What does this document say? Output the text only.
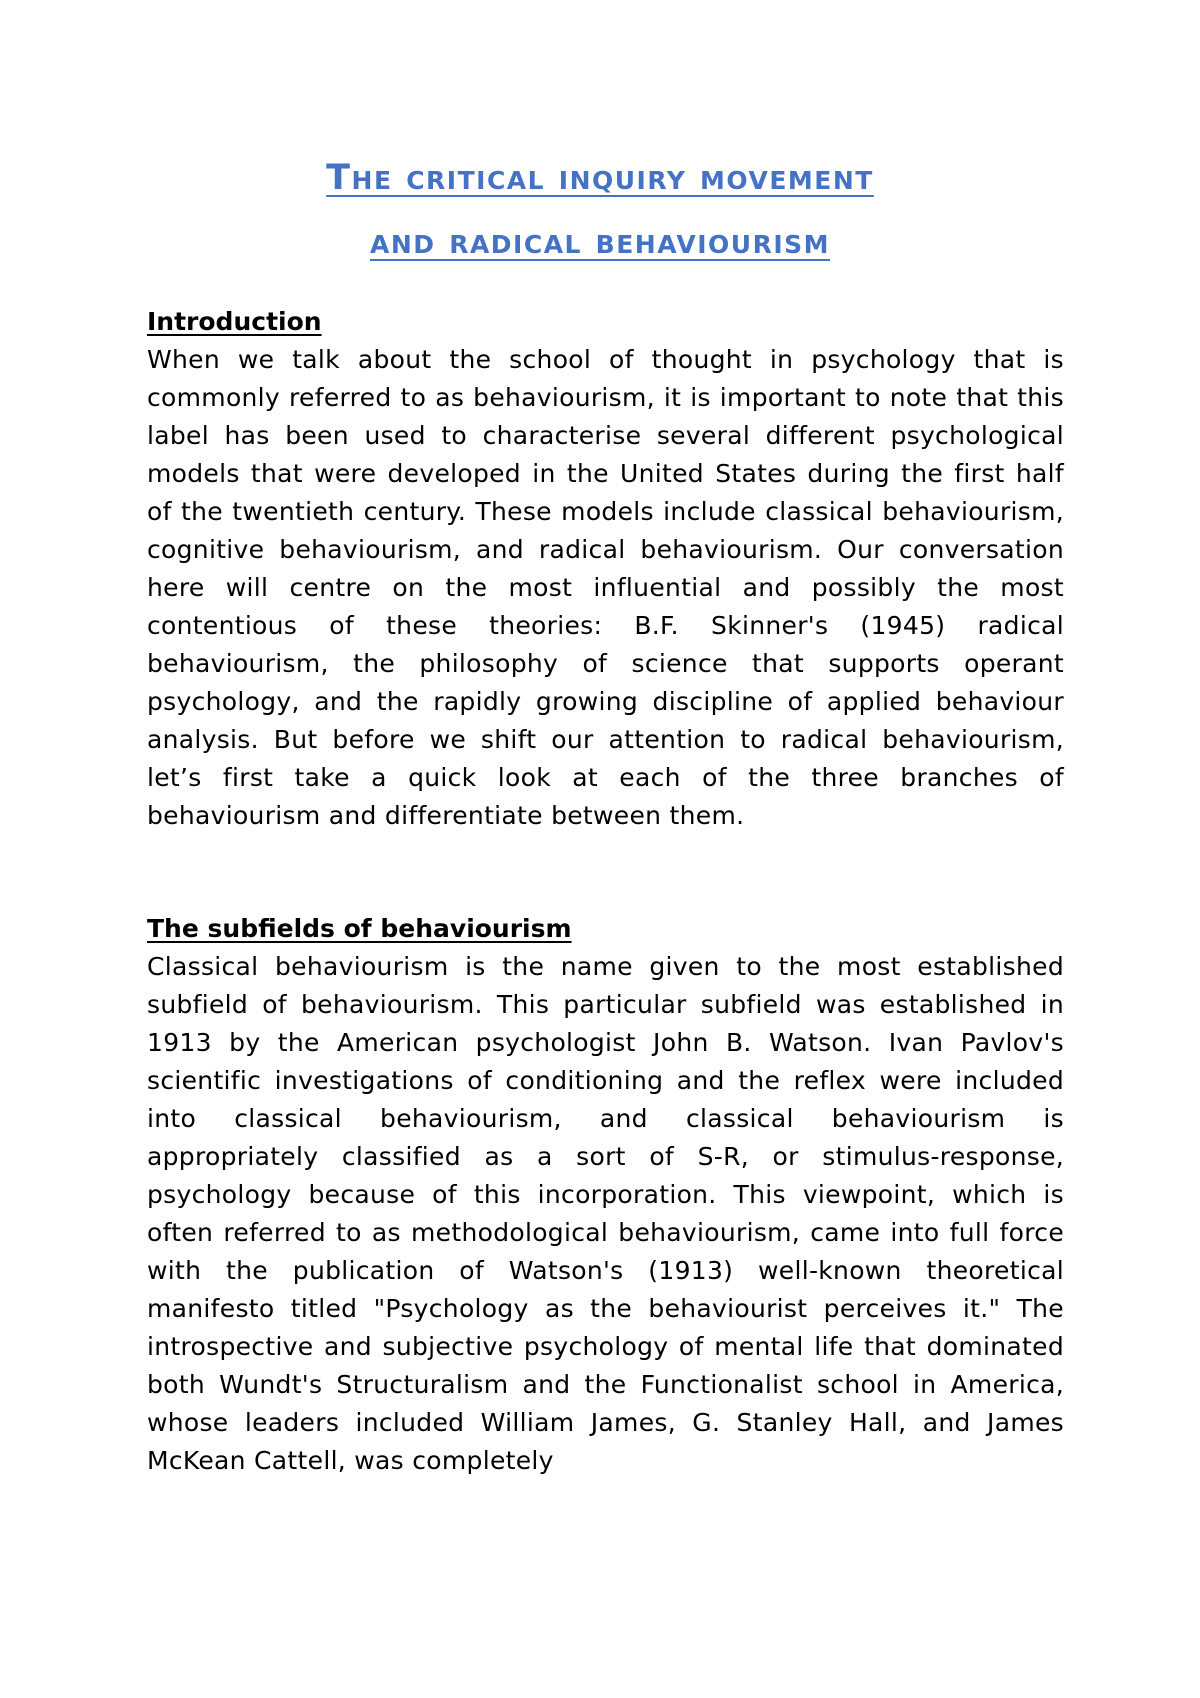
The critical inquiry movement
and radical behaviourism

Introduction

When we talk about the school of thought in psychology that is commonly referred to as behaviourism, it is important to note that this label has been used to characterise several different psychological models that were developed in the United States during the first half of the twentieth century. These models include classical behaviourism, cognitive behaviourism, and radical behaviourism. Our conversation here will centre on the most influential and possibly the most contentious of these theories: B.F. Skinner's (1945) radical behaviourism, the philosophy of science that supports operant psychology, and the rapidly growing discipline of applied behaviour analysis. But before we shift our attention to radical behaviourism, let’s first take a quick look at each of the three branches of behaviourism and differentiate between them.

The subfields of behaviourism

Classical behaviourism is the name given to the most established subfield of behaviourism. This particular subfield was established in 1913 by the American psychologist John B. Watson. Ivan Pavlov's scientific investigations of conditioning and the reflex were included into classical behaviourism, and classical behaviourism is appropriately classified as a sort of S-R, or stimulus-response, psychology because of this incorporation. This viewpoint, which is often referred to as methodological behaviourism, came into full force with the publication of Watson's (1913) well-known theoretical manifesto titled "Psychology as the behaviourist perceives it." The introspective and subjective psychology of mental life that dominated both Wundt's Structuralism and the Functionalist school in America, whose leaders included William James, G. Stanley Hall, and James McKean Cattell, was completely
